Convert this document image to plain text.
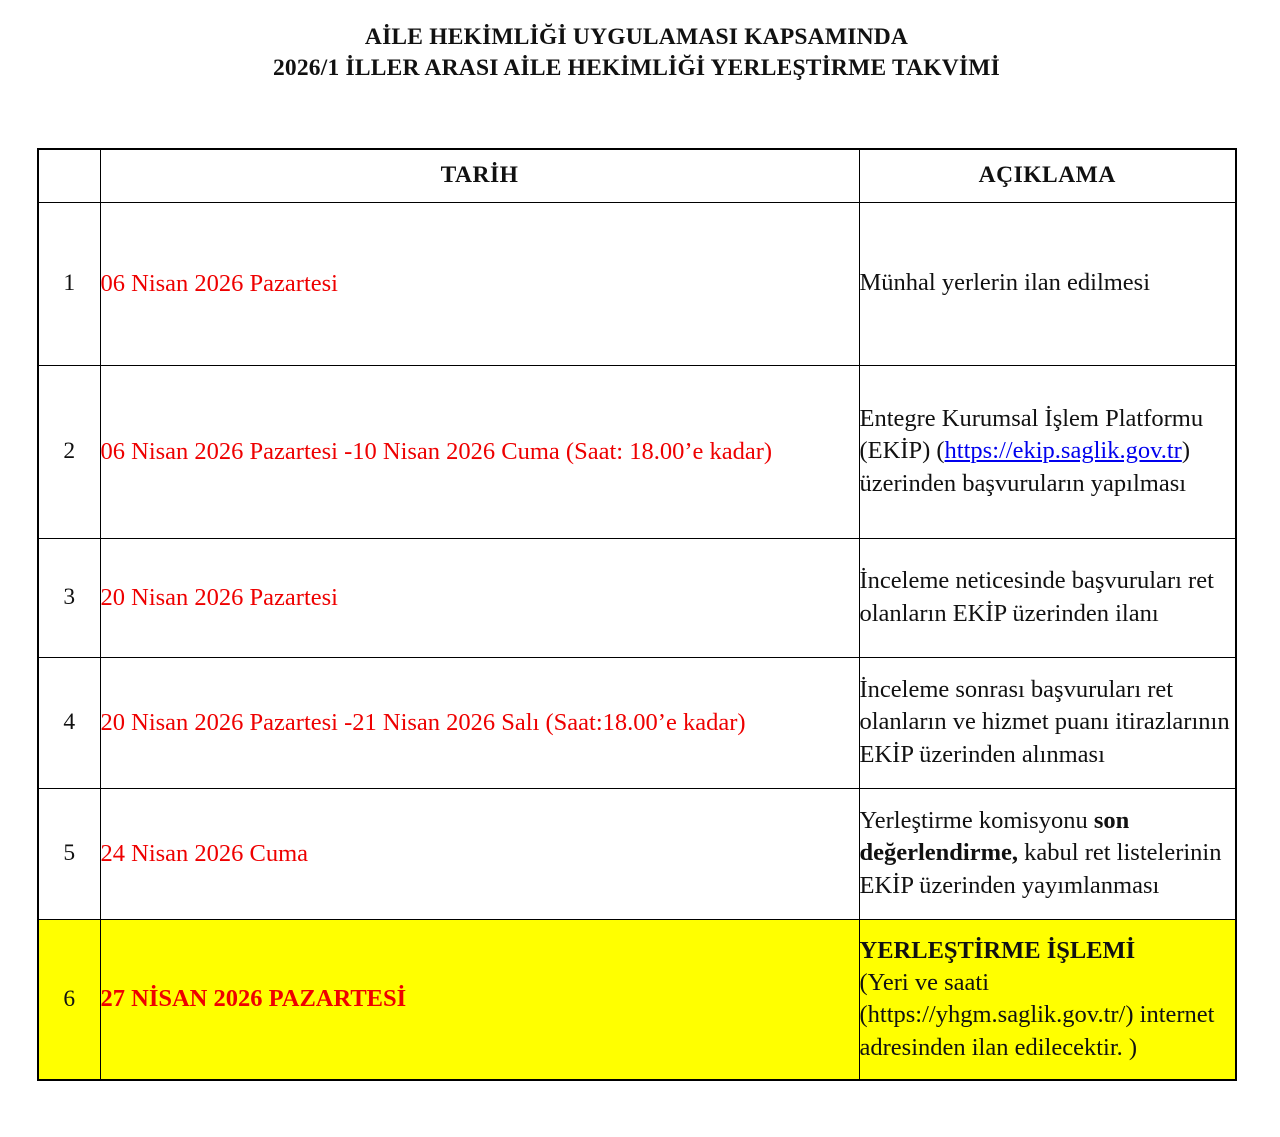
AİLE HEKİMLİĞİ UYGULAMASI KAPSAMINDA
2026/1 İLLER ARASI AİLE HEKİMLİĞİ YERLEŞTİRME TAKVİMİ
	TARİH	AÇIKLAMA
1	06 Nisan 2026 Pazartesi	Münhal yerlerin ilan edilmesi
2	06 Nisan 2026 Pazartesi -10 Nisan 2026 Cuma (Saat: 18.00’e kadar)	Entegre Kurumsal İşlem Platformu (EKİP) (https://ekip.saglik.gov.tr) üzerinden başvuruların yapılması
3	20 Nisan 2026 Pazartesi	İnceleme neticesinde başvuruları ret olanların EKİP üzerinden ilanı
4	20 Nisan 2026 Pazartesi -21 Nisan 2026 Salı (Saat:18.00’e kadar)	İnceleme sonrası başvuruları ret olanların ve hizmet puanı itirazlarının EKİP üzerinden alınması
5	24 Nisan 2026 Cuma	Yerleştirme komisyonu son değerlendirme, kabul ret listelerinin EKİP üzerinden yayımlanması
6	27 NİSAN 2026 PAZARTESİ	YERLEŞTİRME İŞLEMİ
(Yeri ve saati (https://yhgm.saglik.gov.tr/) internet adresinden ilan edilecektir. )
